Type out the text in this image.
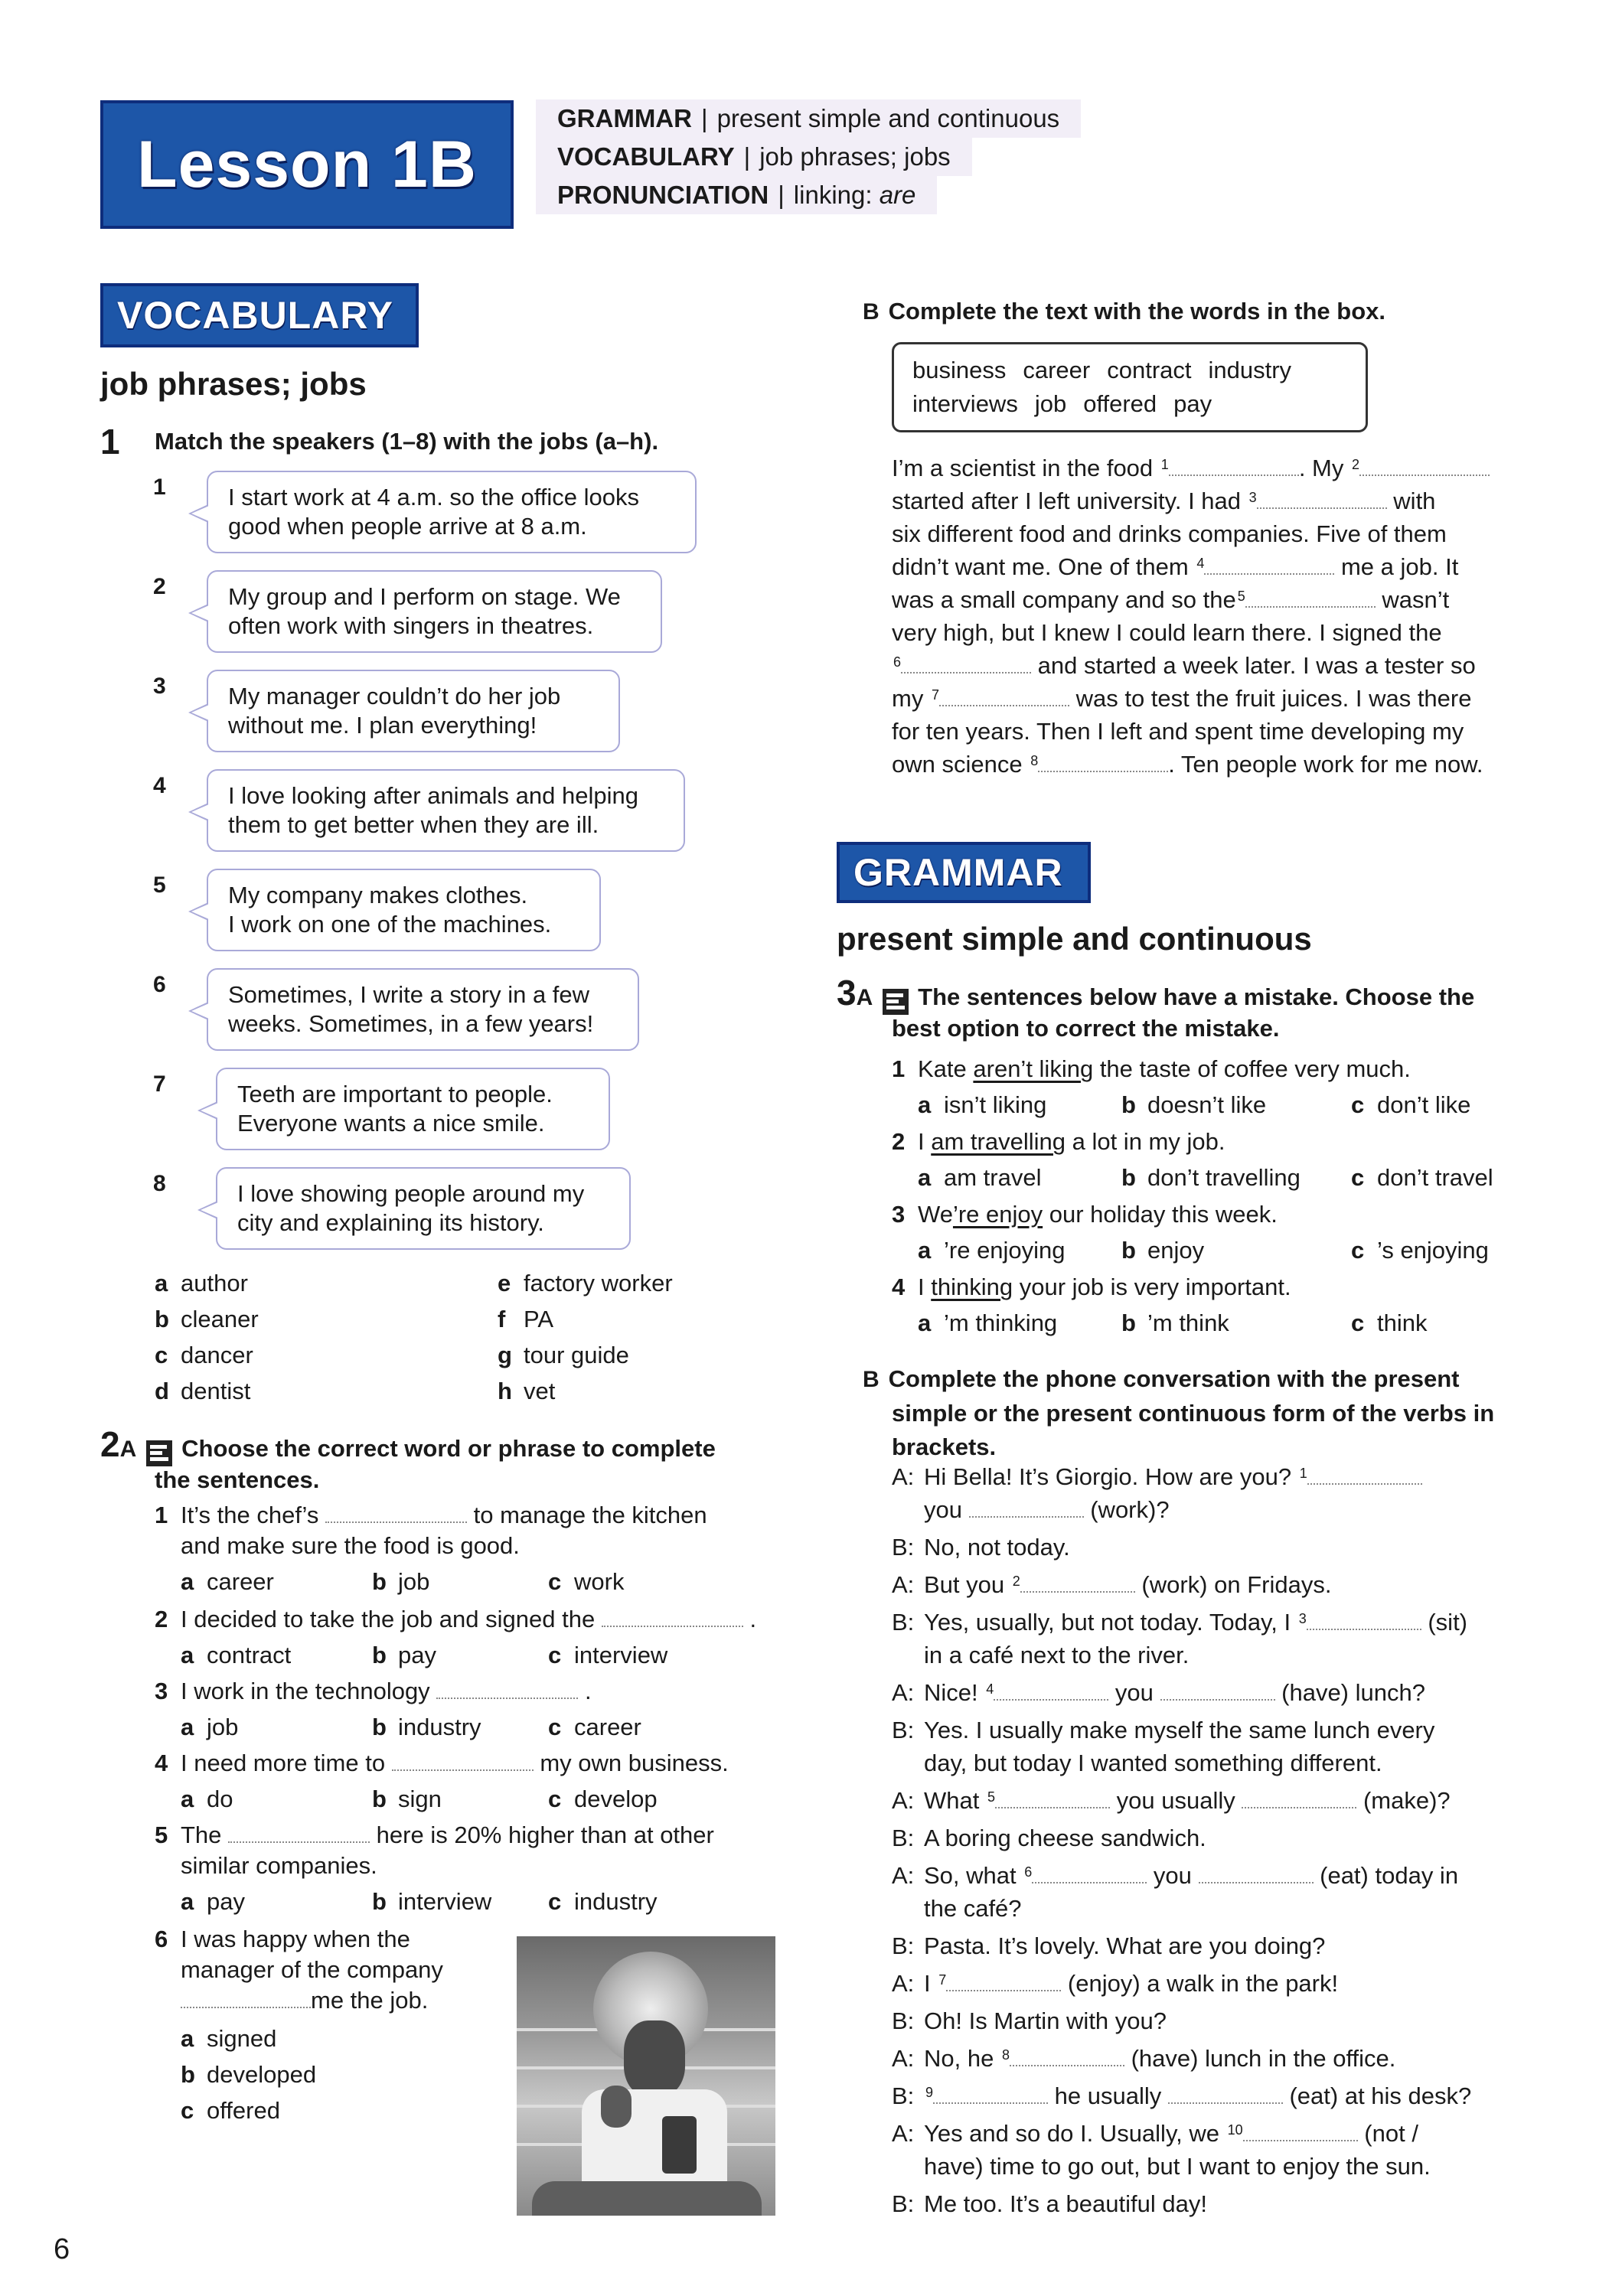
Lesson 1B
GRAMMAR | present simple and continuous
VOCABULARY | job phrases; jobs
PRONUNCIATION | linking: are
VOCABULARY
job phrases; jobs
1 Match the speakers (1–8) with the jobs (a–h).
1	I start work at 4 a.m. so the office looks
good when people arrive at 8 a.m.
2	My group and I perform on stage. We
often work with singers in theatres.
3	My manager couldn’t do her job
without me. I plan everything!
4	I love looking after animals and helping
them to get better when they are ill.
5	My company makes clothes.
I work on one of the machines.
6	Sometimes, I write a story in a few
weeks. Sometimes, in a few years!
7	Teeth are important to people.
Everyone wants a nice smile.
8	I love showing people around my
city and explaining its history.
a author
b cleaner
c dancer
d dentist
e factory worker
f PA
g tour guide
h vet
2A Choose the correct word or phrase to complete
the sentences.
1 It’s the chef’s	to manage the kitchen
and make sure the food is good.
a career	b job	c work
2 I decided to take the job and signed the	.
a contract	b pay	c interview
3 I work in the technology	.
a job	b industry	c career
4 I need more time to	my own business.
a do	b sign	c develop
5 The	here is 20% higher than at other
similar companies.
a pay	b interview c industry
6 I was happy when the
manager of the company
me the job.
a signed
b developed
c offered
6
B Complete the text with the words in the box.
business career contract industry
interviews job offered pay
I’m a scientist in the food $^1$	. My $^2$
started after I left university. I had $^3$	with
six different food and drinks companies. Five of them
didn’t want me. One of them $^4$	me a job. It
was a small company and so the $^5$	wasn’t
very high, but I knew I could learn there. I signed the
$^6$	and started a week later. I was a tester so
my $^7$	was to test the fruit juices. I was there
for ten years. Then I left and spent time developing my
own science $^8$	. Ten people work for me now.
GRAMMAR
present simple and continuous
3A The sentences below have a mistake. Choose the
best option to correct the mistake.
1 Kate aren’t liking the taste of coffee very much.
a isn’t liking	b doesn’t like	c don’t like
2 I am travelling a lot in my job.
a am travel	b don’t travelling c don’t travel
3 We’re enjoy our holiday this week.
a ’re enjoying b enjoy	c ’s enjoying
4 I thinking your job is very important.
a ’m thinking	b ’m think	c think
B Complete the phone conversation with the present
simple or the present continuous form of the verbs in
brackets.
A: Hi Bella! It’s Giorgio. How are you? $^1$
you	(work)?
B: No, not today.
A: But you $^2$	(work) on Fridays.
B: Yes, usually, but not today. Today, I $^3$	(sit)
in a café next to the river.
A: Nice! $^4$	you	(have) lunch?
B: Yes. I usually make myself the same lunch every
day, but today I wanted something different.
A: What $^5$	you usually	(make)?
B: A boring cheese sandwich.
A: So, what $^6$	you	(eat) today in
the café?
B: Pasta. It’s lovely. What are you doing?
A: I $^7$	(enjoy) a walk in the park!
B: Oh! Is Martin with you?
A: No, he $^8$	(have) lunch in the office.
B: $^9$	he usually	(eat) at his desk?
A: Yes and so do I. Usually, we $^{10}$	(not /
have) time to go out, but I want to enjoy the sun.
B: Me too. It’s a beautiful day!
